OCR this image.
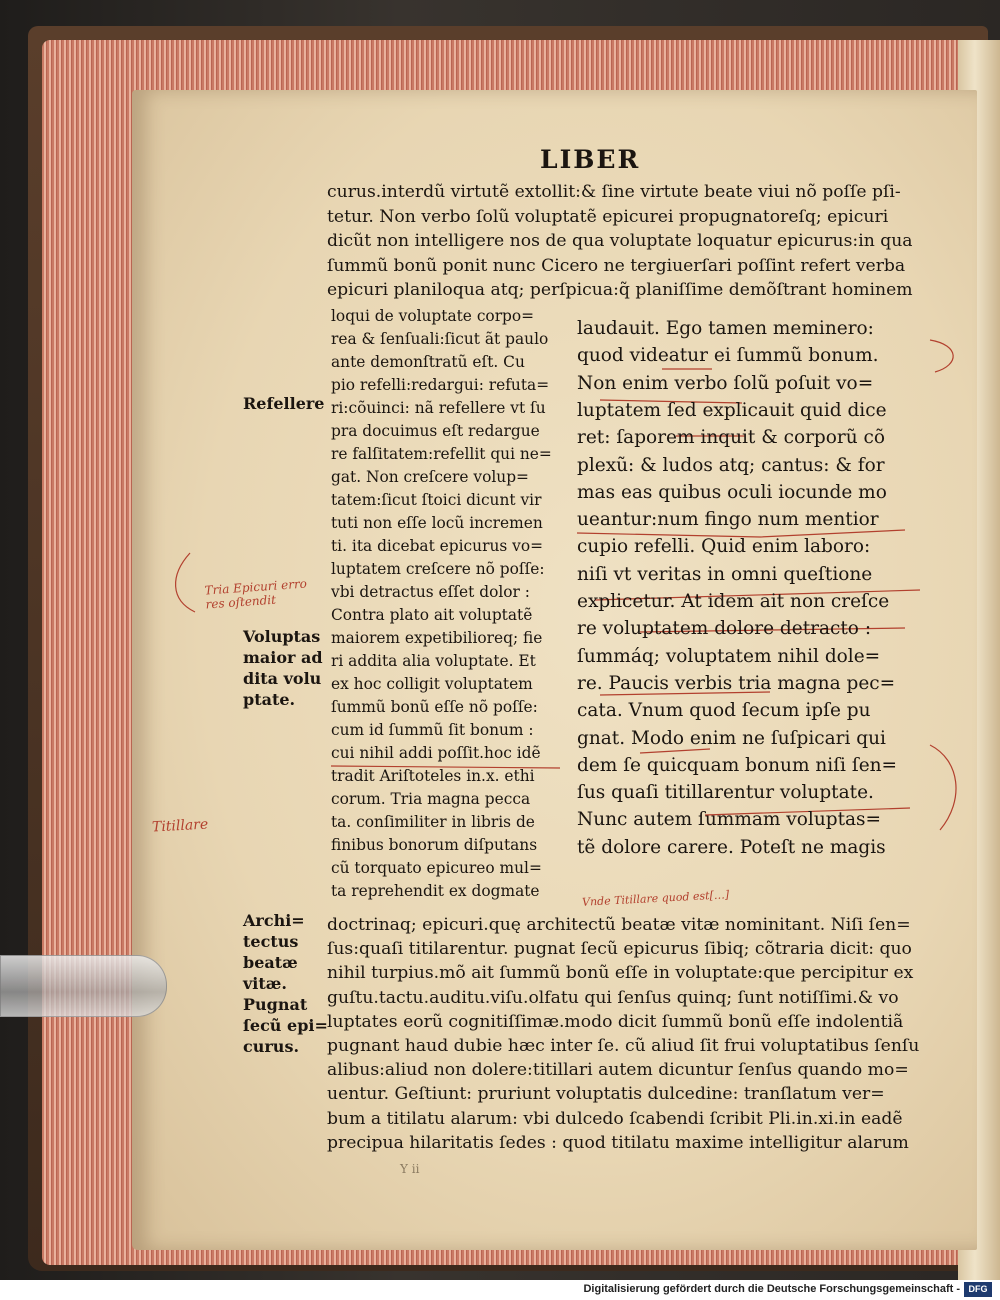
LIBER
curus.interdũ virtutẽ extollit:& ſine virtute beate viui nõ poſſe pſi-
tetur. Non verbo ſolũ voluptatẽ epicurei propugnatoreſq; epicuri
dicũt non intelligere nos de qua voluptate loquatur epicurus:in qua
ſummũ bonũ ponit nunc Cicero ne tergiuerſari poſſint refert verba
epicuri planiloqua atq; perſpicua:q̃ planiſſime demõſtrant hominem
loqui de voluptate corpo=
rea & ſenſuali:ſicut ãt paulo
ante demonſtratũ eſt. Cu
pio refelli:redargui: refuta=
ri:cõuinci: nã refellere vt ſu
pra docuimus eſt redargue
re falſitatem:refellit qui ne=
gat. Non creſcere volup=
tatem:ſicut ſtoici dicunt vir
tuti non eſſe locũ incremen
ti. ita dicebat epicurus vo=
luptatem creſcere nõ poſſe:
vbi detractus eſſet dolor :
Contra plato ait voluptatẽ
maiorem expetibilioreq; fie
ri addita alia voluptate. Et
ex hoc colligit voluptatem
ſummũ bonũ eſſe nõ poſſe:
cum id ſummũ ſit bonum :
cui nihil addi poſſit.hoc idẽ
tradit Ariſtoteles in.x. ethi
corum. Tria magna pecca
ta. conſimiliter in libris de
finibus bonorum diſputans
cũ torquato epicureo mul=
ta reprehendit ex dogmate
laudauit. Ego tamen meminero:
quod videatur ei ſummũ bonum.
Non enim verbo ſolũ poſuit vo=
luptatem ſed explicauit quid dice
ret: ſaporem inquit & corporũ cõ
plexũ: & ludos atq; cantus: & for
mas eas quibus oculi iocunde mo
ueantur:num fingo num mentior
cupio refelli. Quid enim laboro:
niſi vt veritas in omni queſtione
explicetur. At idem ait non creſce
re voluptatem dolore detracto :
ſummáq; voluptatem nihil dole=
re. Paucis verbis tria magna pec=
cata. Vnum quod ſecum ipſe pu
gnat. Modo enim ne ſuſpicari qui
dem ſe quicquam bonum niſi ſen=
ſus quaſi titillarentur voluptate.
Nunc autem ſummam voluptas=
tẽ dolore carere. Poteſt ne magis
doctrinaq; epicuri.quę architectũ beatæ vitæ nominitant. Niſi ſen=
ſus:quaſi titilarentur. pugnat ſecũ epicurus ſibiq; cõtraria dicit: quo
nihil turpius.mõ ait ſummũ bonũ eſſe in voluptate:que percipitur ex
guſtu.tactu.auditu.viſu.olfatu qui ſenſus quinq; ſunt notiſſimi.& vo
luptates eorũ cognitiſſimæ.modo dicit ſummũ bonũ eſſe indolentiã
pugnant haud dubie hæc inter ſe. cũ aliud ſit frui voluptatibus ſenſu
alibus:aliud non dolere:titillari autem dicuntur ſenſus quando mo=
uentur. Geſtiunt: pruriunt voluptatis dulcedine: tranſlatum ver=
bum a titilatu alarum: vbi dulcedo ſcabendi ſcribit Pli.in.xi.in eadẽ
precipua hilaritatis ſedes : quod titilatu maxime intelligitur alarum
Refellere
Voluptas
maior ad
dita volu
ptate.
Archi=
tectus
beatæ
vitæ.
Pugnat
ſecũ epi=
curus.
Tria Epicuri erro
res oſtendit
Titillare
Vnde Titillare quod est[…]
Y ii
Digitalisierung gefördert durch die Deutsche Forschungsgemeinschaft - DFG
